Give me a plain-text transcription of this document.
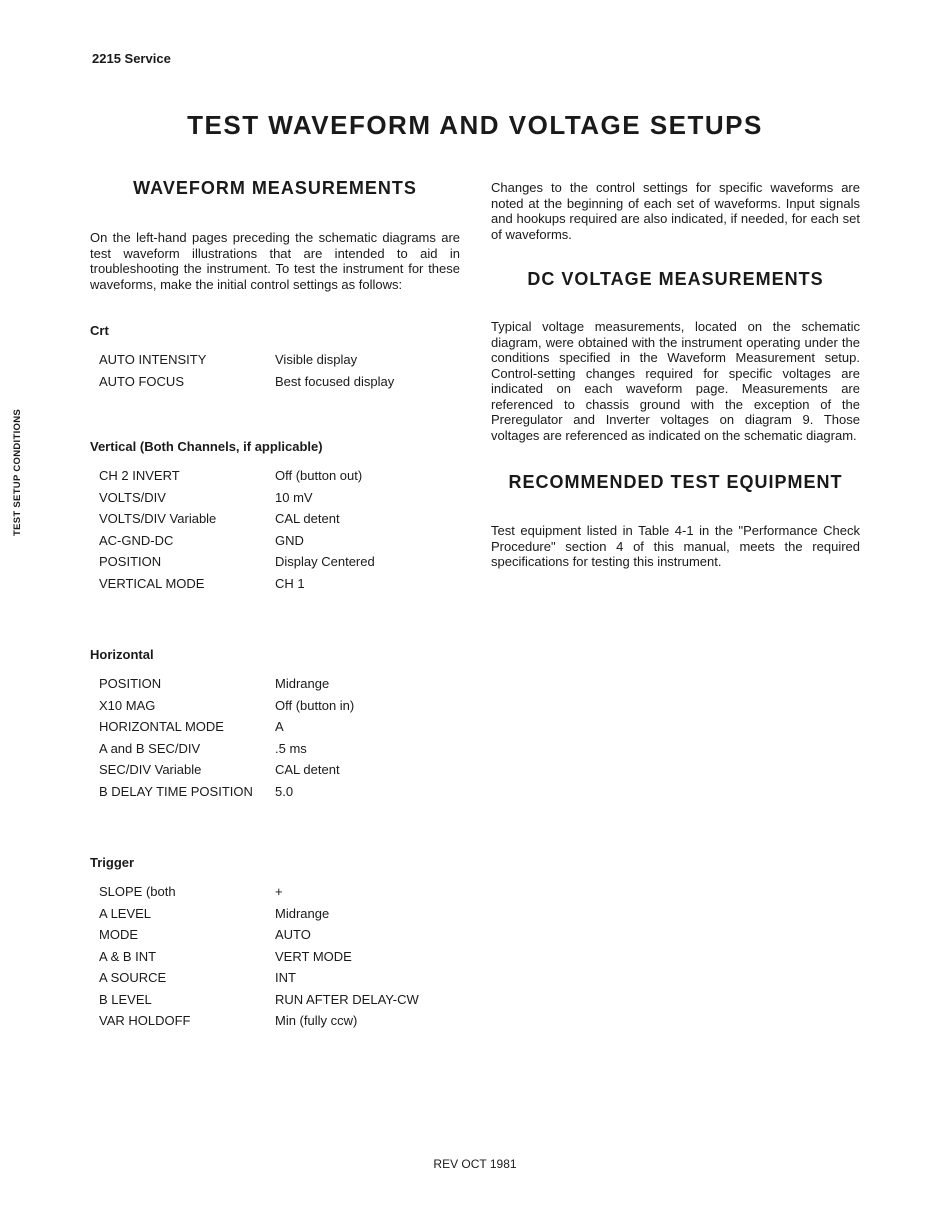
2215 Service
TEST WAVEFORM AND VOLTAGE SETUPS
TEST SETUP CONDITIONS
WAVEFORM MEASUREMENTS

On the left-hand pages preceding the schematic diagrams are test waveform illustrations that are intended to aid in troubleshooting the instrument. To test the instrument for these waveforms, make the initial control settings as follows:

Crt
AUTO INTENSITY	Visible display
AUTO FOCUS	Best focused display
Vertical (Both Channels, if applicable)
CH 2 INVERT	Off (button out)
VOLTS/DIV	10 mV
VOLTS/DIV Variable	CAL detent
AC-GND-DC	GND
POSITION	Display Centered
VERTICAL MODE	CH 1
Horizontal
POSITION	Midrange
X10 MAG	Off (button in)
HORIZONTAL MODE	A
A and B SEC/DIV	.5 ms
SEC/DIV Variable	CAL detent
B DELAY TIME POSITION	5.0
Trigger
SLOPE (both	+
A LEVEL	Midrange
MODE	AUTO
A & B INT	VERT MODE
A SOURCE	INT
B LEVEL	RUN AFTER DELAY-CW
VAR HOLDOFF	Min (fully ccw)

Changes to the control settings for specific waveforms are noted at the beginning of each set of waveforms. Input signals and hookups required are also indicated, if needed, for each set of waveforms.

DC VOLTAGE MEASUREMENTS

Typical voltage measurements, located on the schematic diagram, were obtained with the instrument operating under the conditions specified in the Waveform Measurement setup. Control-setting changes required for specific voltages are indicated on each waveform page. Measurements are referenced to chassis ground with the exception of the Preregulator and Inverter voltages on diagram 9. Those voltages are referenced as indicated on the schematic diagram.

RECOMMENDED TEST EQUIPMENT

Test equipment listed in Table 4-1 in the "Performance Check Procedure" section 4 of this manual, meets the required specifications for testing this instrument.

REV OCT 1981
